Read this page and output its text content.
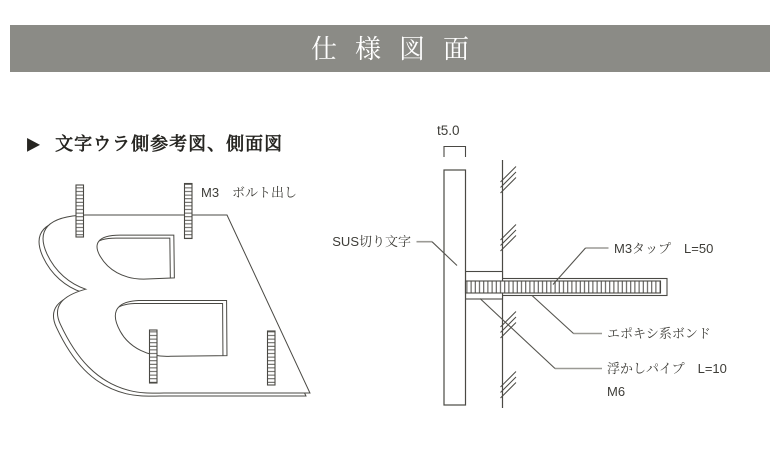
仕様図面
▶ 文字ウラ側参考図、側面図
M3　ボルト出し
t5.0
SUS切り文字	M3タップ　L=50
エポキシ系ボンド
浮かしパイプ　L=10
M6
